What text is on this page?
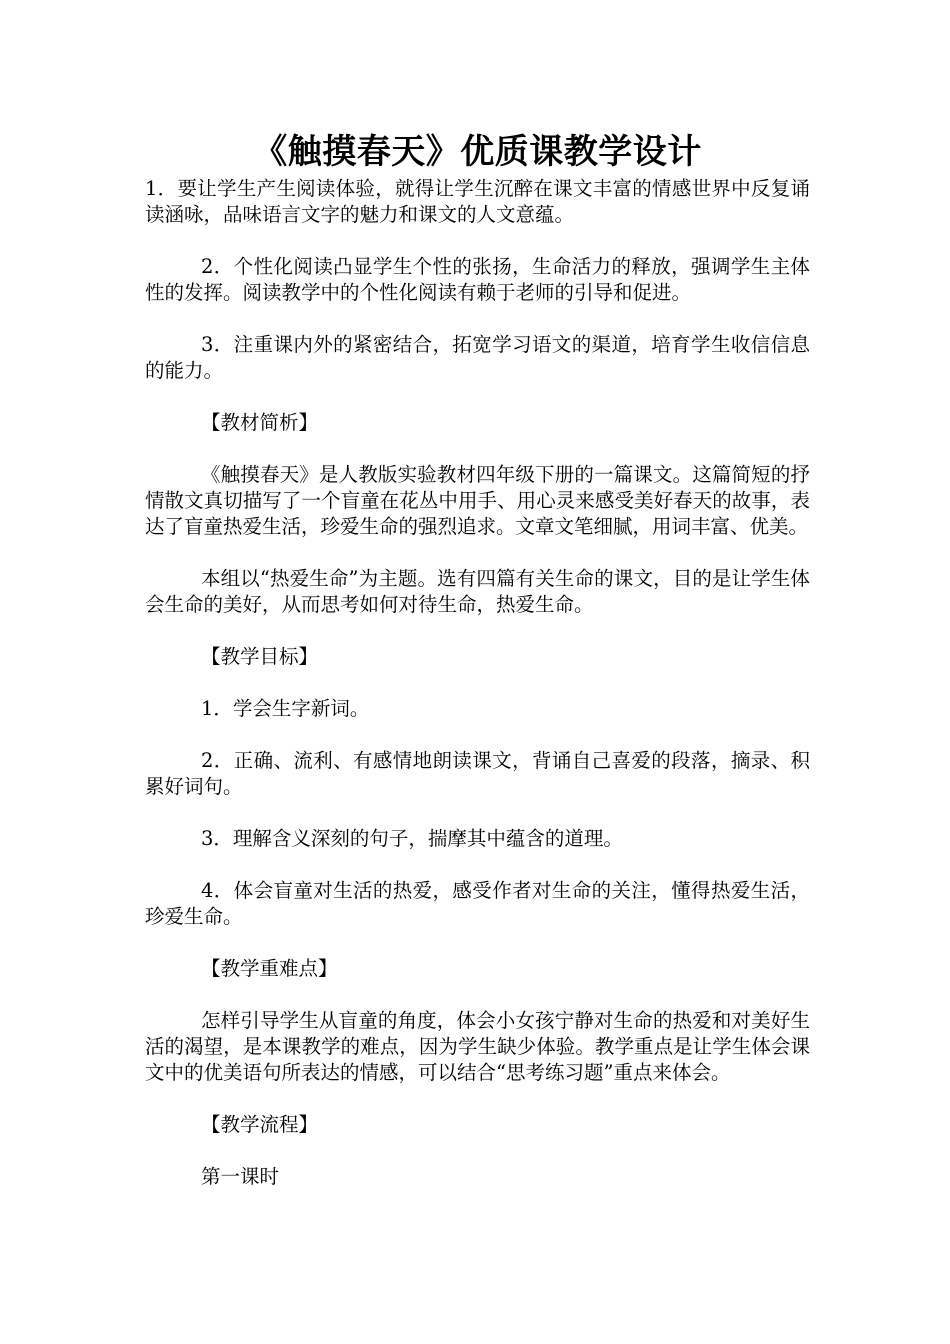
《触摸春天》优质课教学设计

1．要让学生产生阅读体验，就得让学生沉醉在课文丰富的情感世界中反复诵读涵咏，品味语言文字的魅力和课文的人文意蕴。

2．个性化阅读凸显学生个性的张扬，生命活力的释放，强调学生主体性的发挥。阅读教学中的个性化阅读有赖于老师的引导和促进。

3．注重课内外的紧密结合，拓宽学习语文的渠道，培育学生收信信息的能力。

【教材简析】

《触摸春天》是人教版实验教材四年级下册的一篇课文。这篇简短的抒情散文真切描写了一个盲童在花丛中用手、用心灵来感受美好春天的故事，表达了盲童热爱生活，珍爱生命的强烈追求。文章文笔细腻，用词丰富、优美。

本组以“热爱生命”为主题。选有四篇有关生命的课文，目的是让学生体会生命的美好，从而思考如何对待生命，热爱生命。

【教学目标】

1．学会生字新词。

2．正确、流利、有感情地朗读课文，背诵自己喜爱的段落，摘录、积累好词句。

3．理解含义深刻的句子，揣摩其中蕴含的道理。

4．体会盲童对生活的热爱，感受作者对生命的关注，懂得热爱生活，珍爱生命。

【教学重难点】

怎样引导学生从盲童的角度，体会小女孩宁静对生命的热爱和对美好生活的渴望，是本课教学的难点，因为学生缺少体验。教学重点是让学生体会课文中的优美语句所表达的情感，可以结合“思考练习题”重点来体会。

【教学流程】

第一课时
